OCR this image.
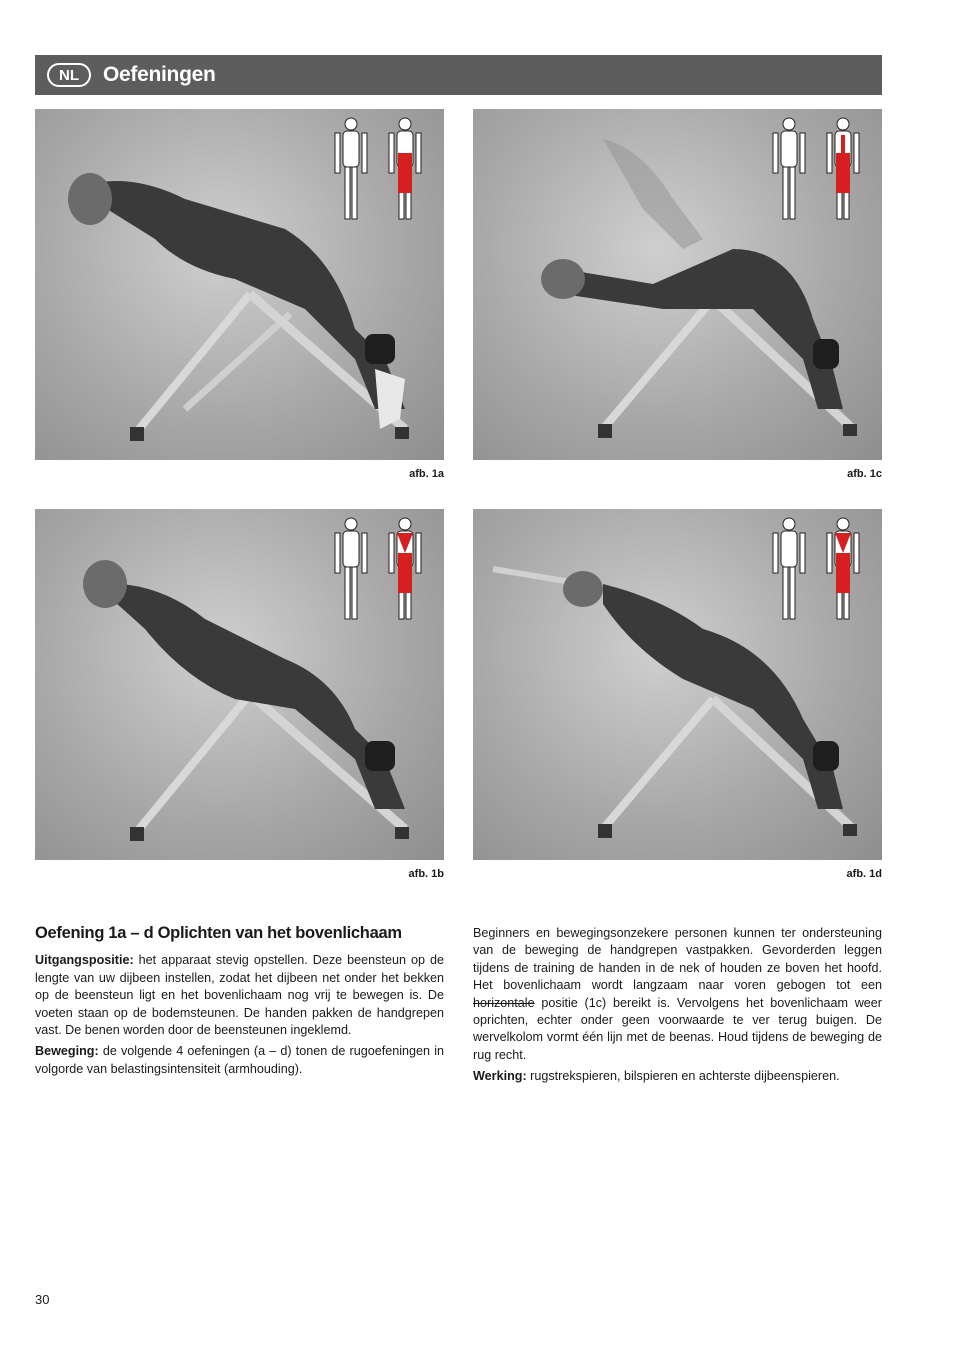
NL	Oefeningen
afb. 1a	afb. 1c
afb. 1b	afb. 1d
Oefening 1a – d Oplichten van het bovenlichaam

Uitgangspositie: het apparaat stevig opstellen. Deze beensteun op de lengte van uw dijbeen instellen, zodat het dijbeen net onder het bekken op de beensteun ligt en het bovenlichaam nog vrij te bewegen is. De voeten staan op de bodemsteunen. De handen pakken de handgrepen vast. De benen worden door de beensteunen ingeklemd.

Beweging: de volgende 4 oefeningen (a – d) tonen de rugoefeningen in volgorde van belastingsintensiteit (armhouding).

Beginners en bewegingsonzekere personen kunnen ter ondersteuning van de beweging de handgrepen vastpakken. Gevorderden leggen tijdens de training de handen in de nek of houden ze boven het hoofd. Het bovenlichaam wordt langzaam naar voren gebogen tot een horizontale positie (1c) bereikt is. Vervolgens het bovenlichaam weer oprichten, echter onder geen voorwaarde te ver terug buigen. De wervelkolom vormt één lijn met de beenas. Houd tijdens de beweging de rug recht.

Werking: rugstrekspieren, bilspieren en achterste dijbeenspieren.

30
